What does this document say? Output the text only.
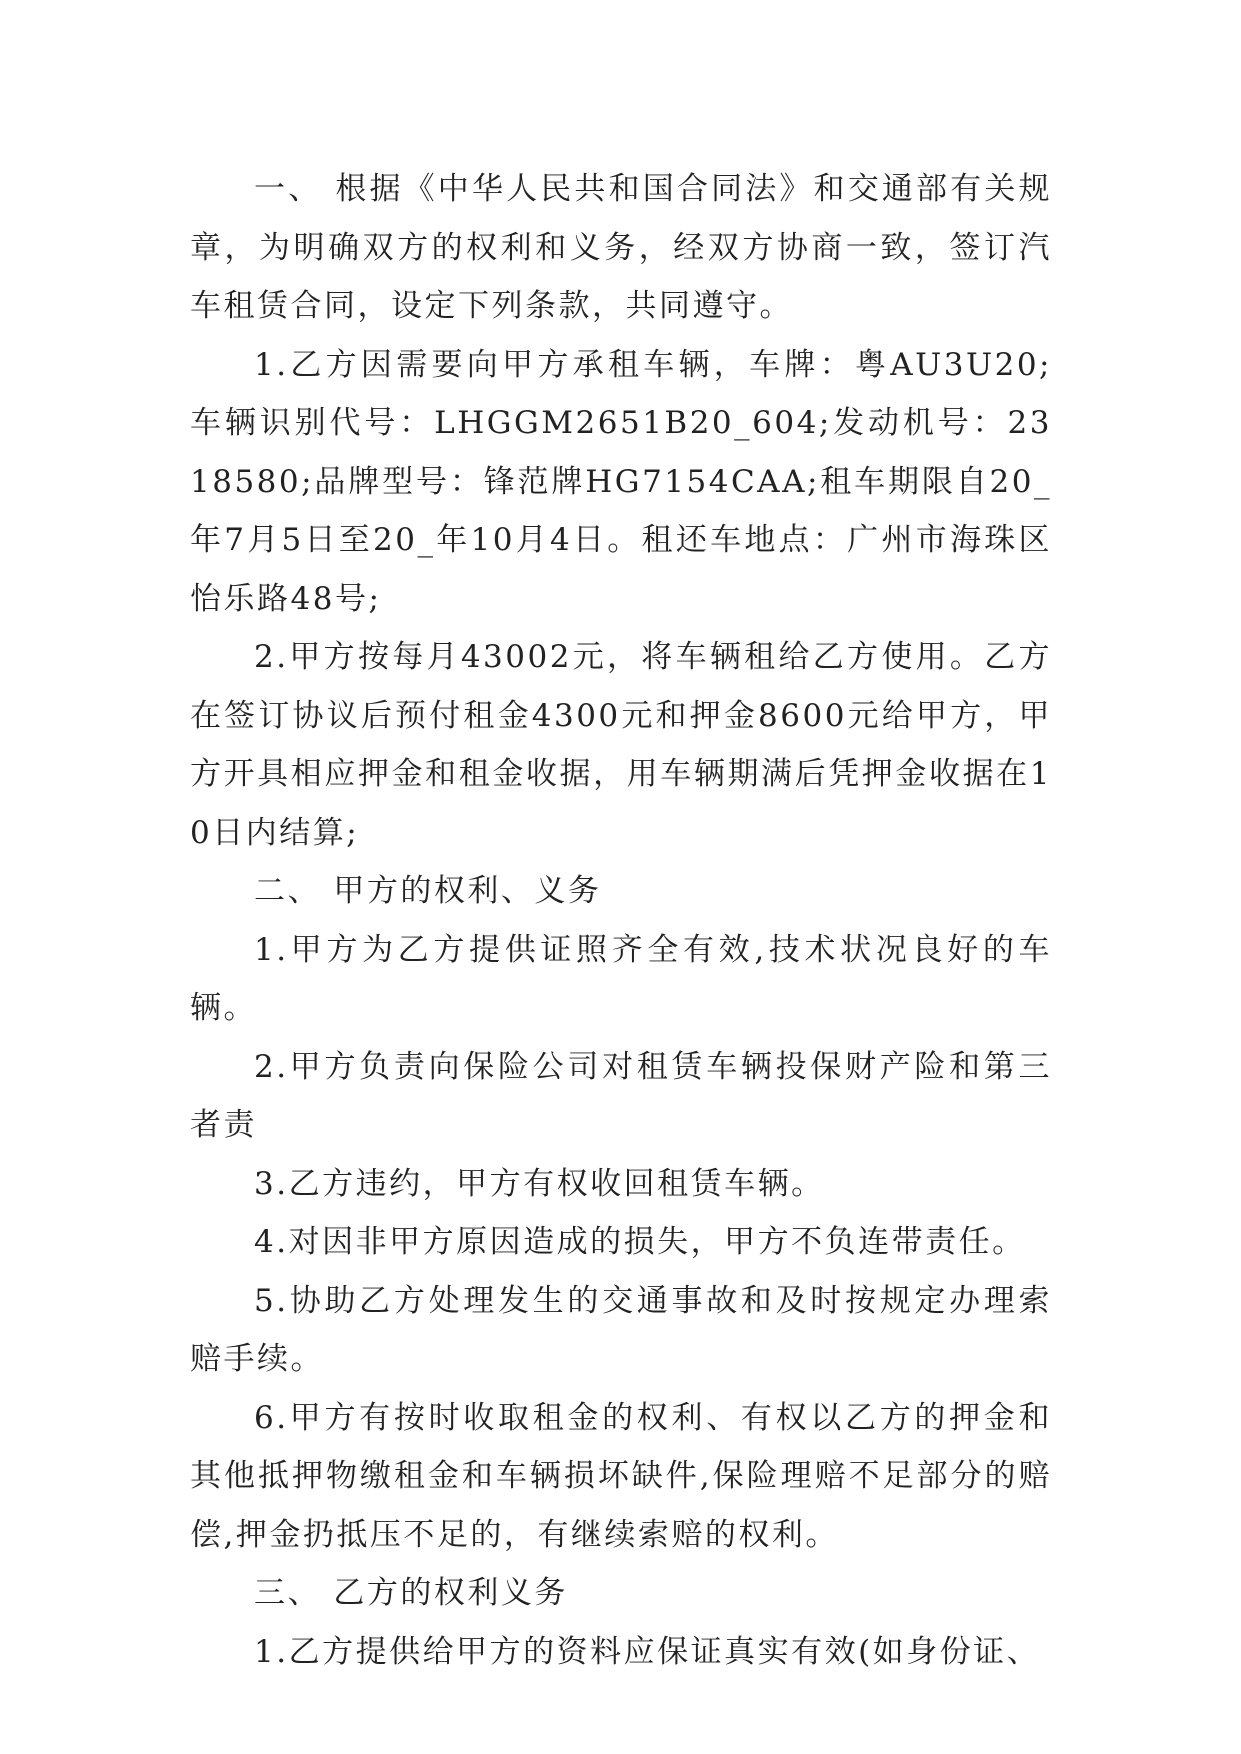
一、 根据《中华人民共和国合同法》和交通部有关规章，为明确双方的权利和义务，经双方协商一致，签订汽车租赁合同，设定下列条款，共同遵守。

1.乙方因需要向甲方承租车辆，车牌：粤AU3U20;车辆识别代号：LHGGM2651B20_604;发动机号：2318580;品牌型号：锋范牌HG7154CAA;租车期限自20_年7月5日至20_年10月4日。租还车地点：广州市海珠区怡乐路48号;

2.甲方按每月43002元，将车辆租给乙方使用。乙方在签订协议后预付租金4300元和押金8600元给甲方，甲方开具相应押金和租金收据，用车辆期满后凭押金收据在10日内结算;

二、 甲方的权利、义务

1.甲方为乙方提供证照齐全有效,技术状况良好的车辆。

2.甲方负责向保险公司对租赁车辆投保财产险和第三者责

3.乙方违约，甲方有权收回租赁车辆。

4.对因非甲方原因造成的损失，甲方不负连带责任。

5.协助乙方处理发生的交通事故和及时按规定办理索赔手续。

6.甲方有按时收取租金的权利、有权以乙方的押金和其他抵押物缴租金和车辆损坏缺件,保险理赔不足部分的赔偿,押金扔抵压不足的，有继续索赔的权利。

三、 乙方的权利义务

1.乙方提供给甲方的资料应保证真实有效(如身份证、
